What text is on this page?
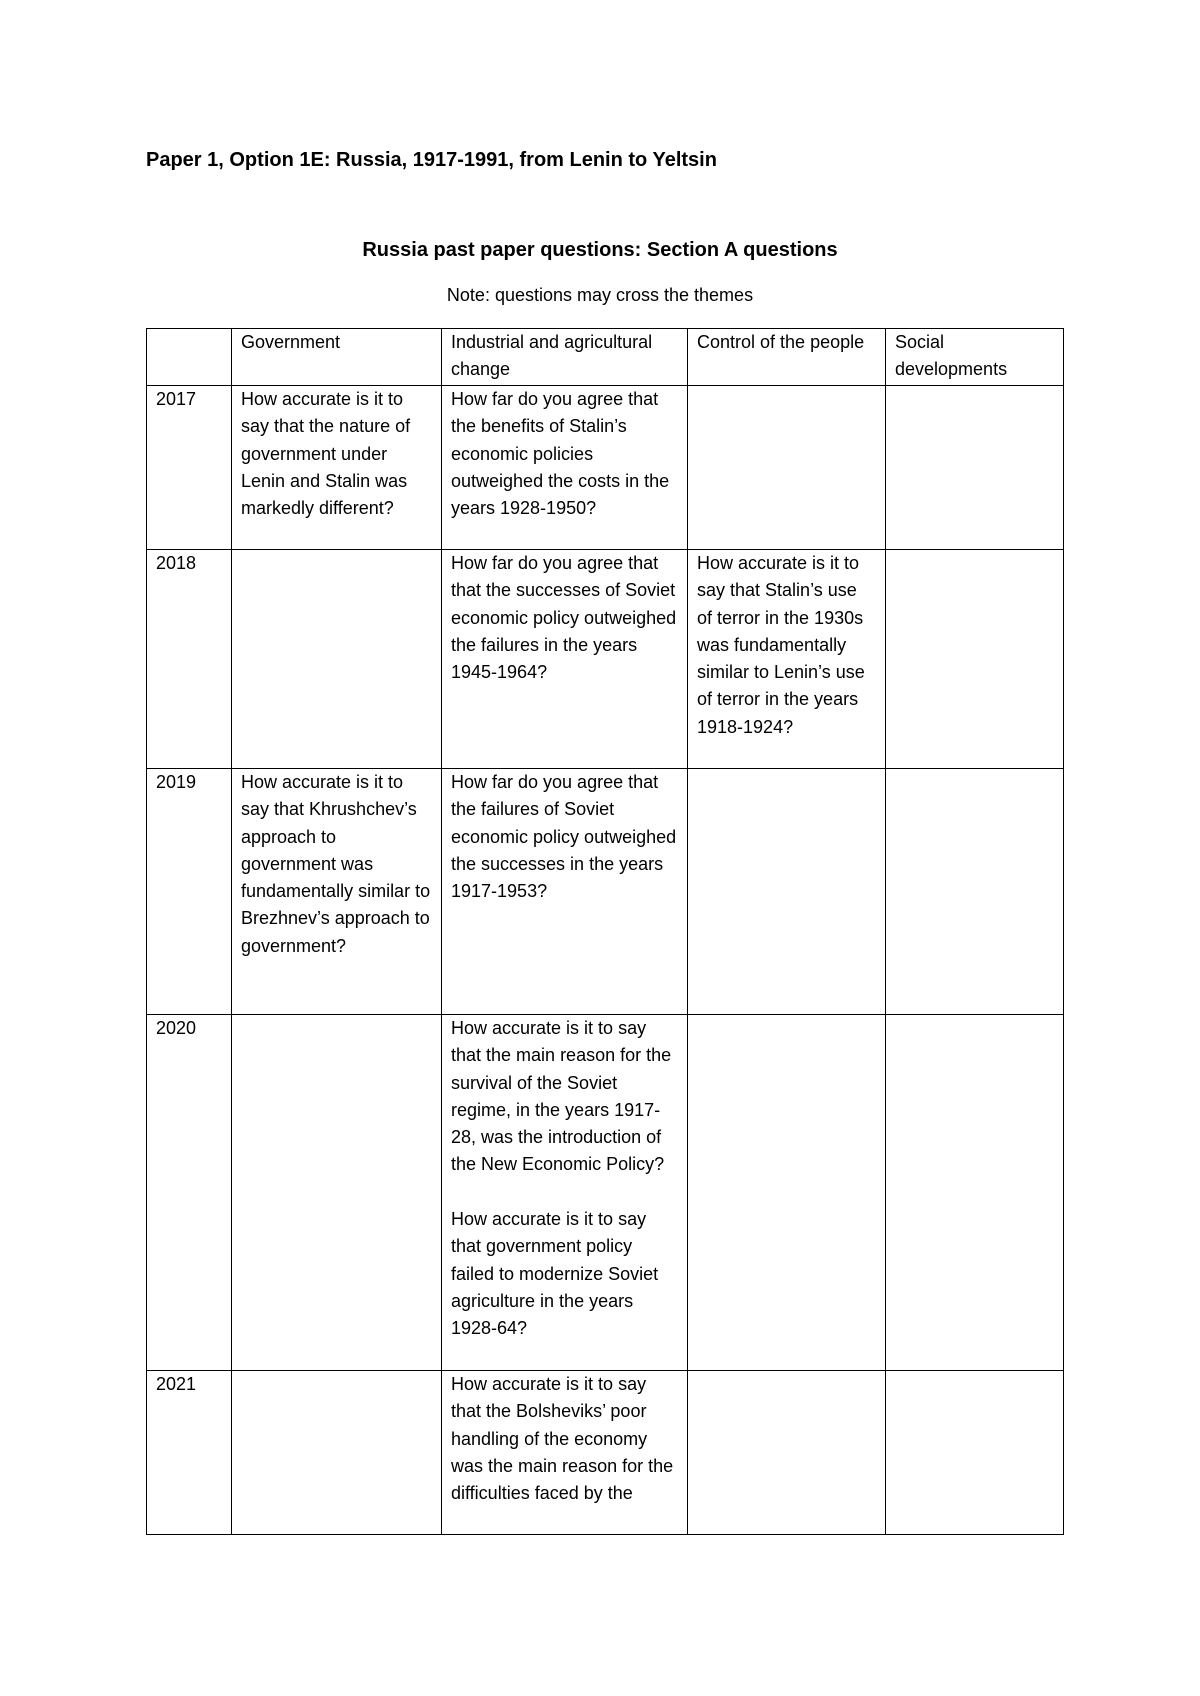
Paper 1, Option 1E: Russia, 1917-1991, from Lenin to Yeltsin
Russia past paper questions: Section A questions

Note: questions may cross the themes

	Government	Industrial and agricultural change	Control of the people	Social developments
2017	How accurate is it to say that the nature of government under Lenin and Stalin was markedly different?	How far do you agree that the benefits of Stalin’s economic policies outweighed the costs in the years 1928-1950?		
2018		How far do you agree that that the successes of Soviet economic policy outweighed the failures in the years 1945-1964?	How accurate is it to say that Stalin’s use of terror in the 1930s was fundamentally similar to Lenin’s use of terror in the years 1918-1924?	
2019	How accurate is it to say that Khrushchev’s approach to government was fundamentally similar to Brezhnev’s approach to government?	How far do you agree that the failures of Soviet economic policy outweighed the successes in the years 1917-1953?		
2020		How accurate is it to say that the main reason for the survival of the Soviet regime, in the years 1917-28, was the introduction of the New Economic Policy?

How accurate is it to say that government policy failed to modernize Soviet agriculture in the years 1928-64?		

2021		How accurate is it to say that the Bolsheviks’ poor handling of the economy was the main reason for the difficulties faced by the		
